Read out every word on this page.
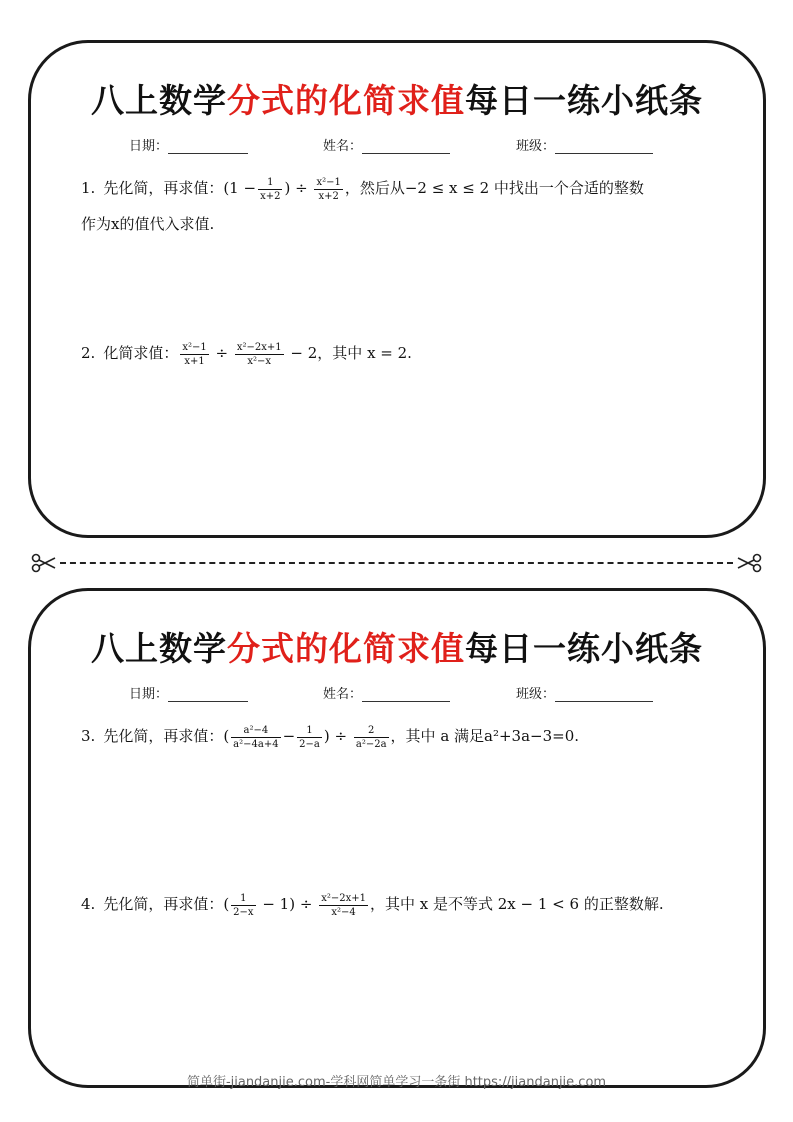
八上数学分式的化简求值每日一练小纸条
日期：	姓名：	班级：
1. 先化简，再求值：($1 - \frac{1}{x+2}$ ) ÷ $\frac{\text{x²−1}}{x+2}$ ，然后从−2 ≤ x ≤ 2 中找出一个合适的整数
作为x的值代入求值.
2. 化简求值： $\frac{\text{x²−1}}{x+1} \div \frac{\text{x²−2x+1}}{\text{x²−x}} - 2$，其中 x = 2.
八上数学分式的化简求值每日一练小纸条
日期：	姓名：	班级：
3. 先化简，再求值：( $\frac{\text{a²−4}}{\text{a²−4a+4}} - \frac{1}{2-a}$ ) ÷ $\frac{2}{\text{a²−2a}}$ ，其中 a 满足a²+3a−3=0.
4. 先化简，再求值：( $\frac{1}{2-x} - 1) \div \frac{\text{x²−2x+1}}{\text{x²−4}}$ ，其中 x 是不等式 2x − 1 < 6 的正整数解.
简单街-jiandanjie.com-学科网简单学习一条街 https://jiandanjie.com
